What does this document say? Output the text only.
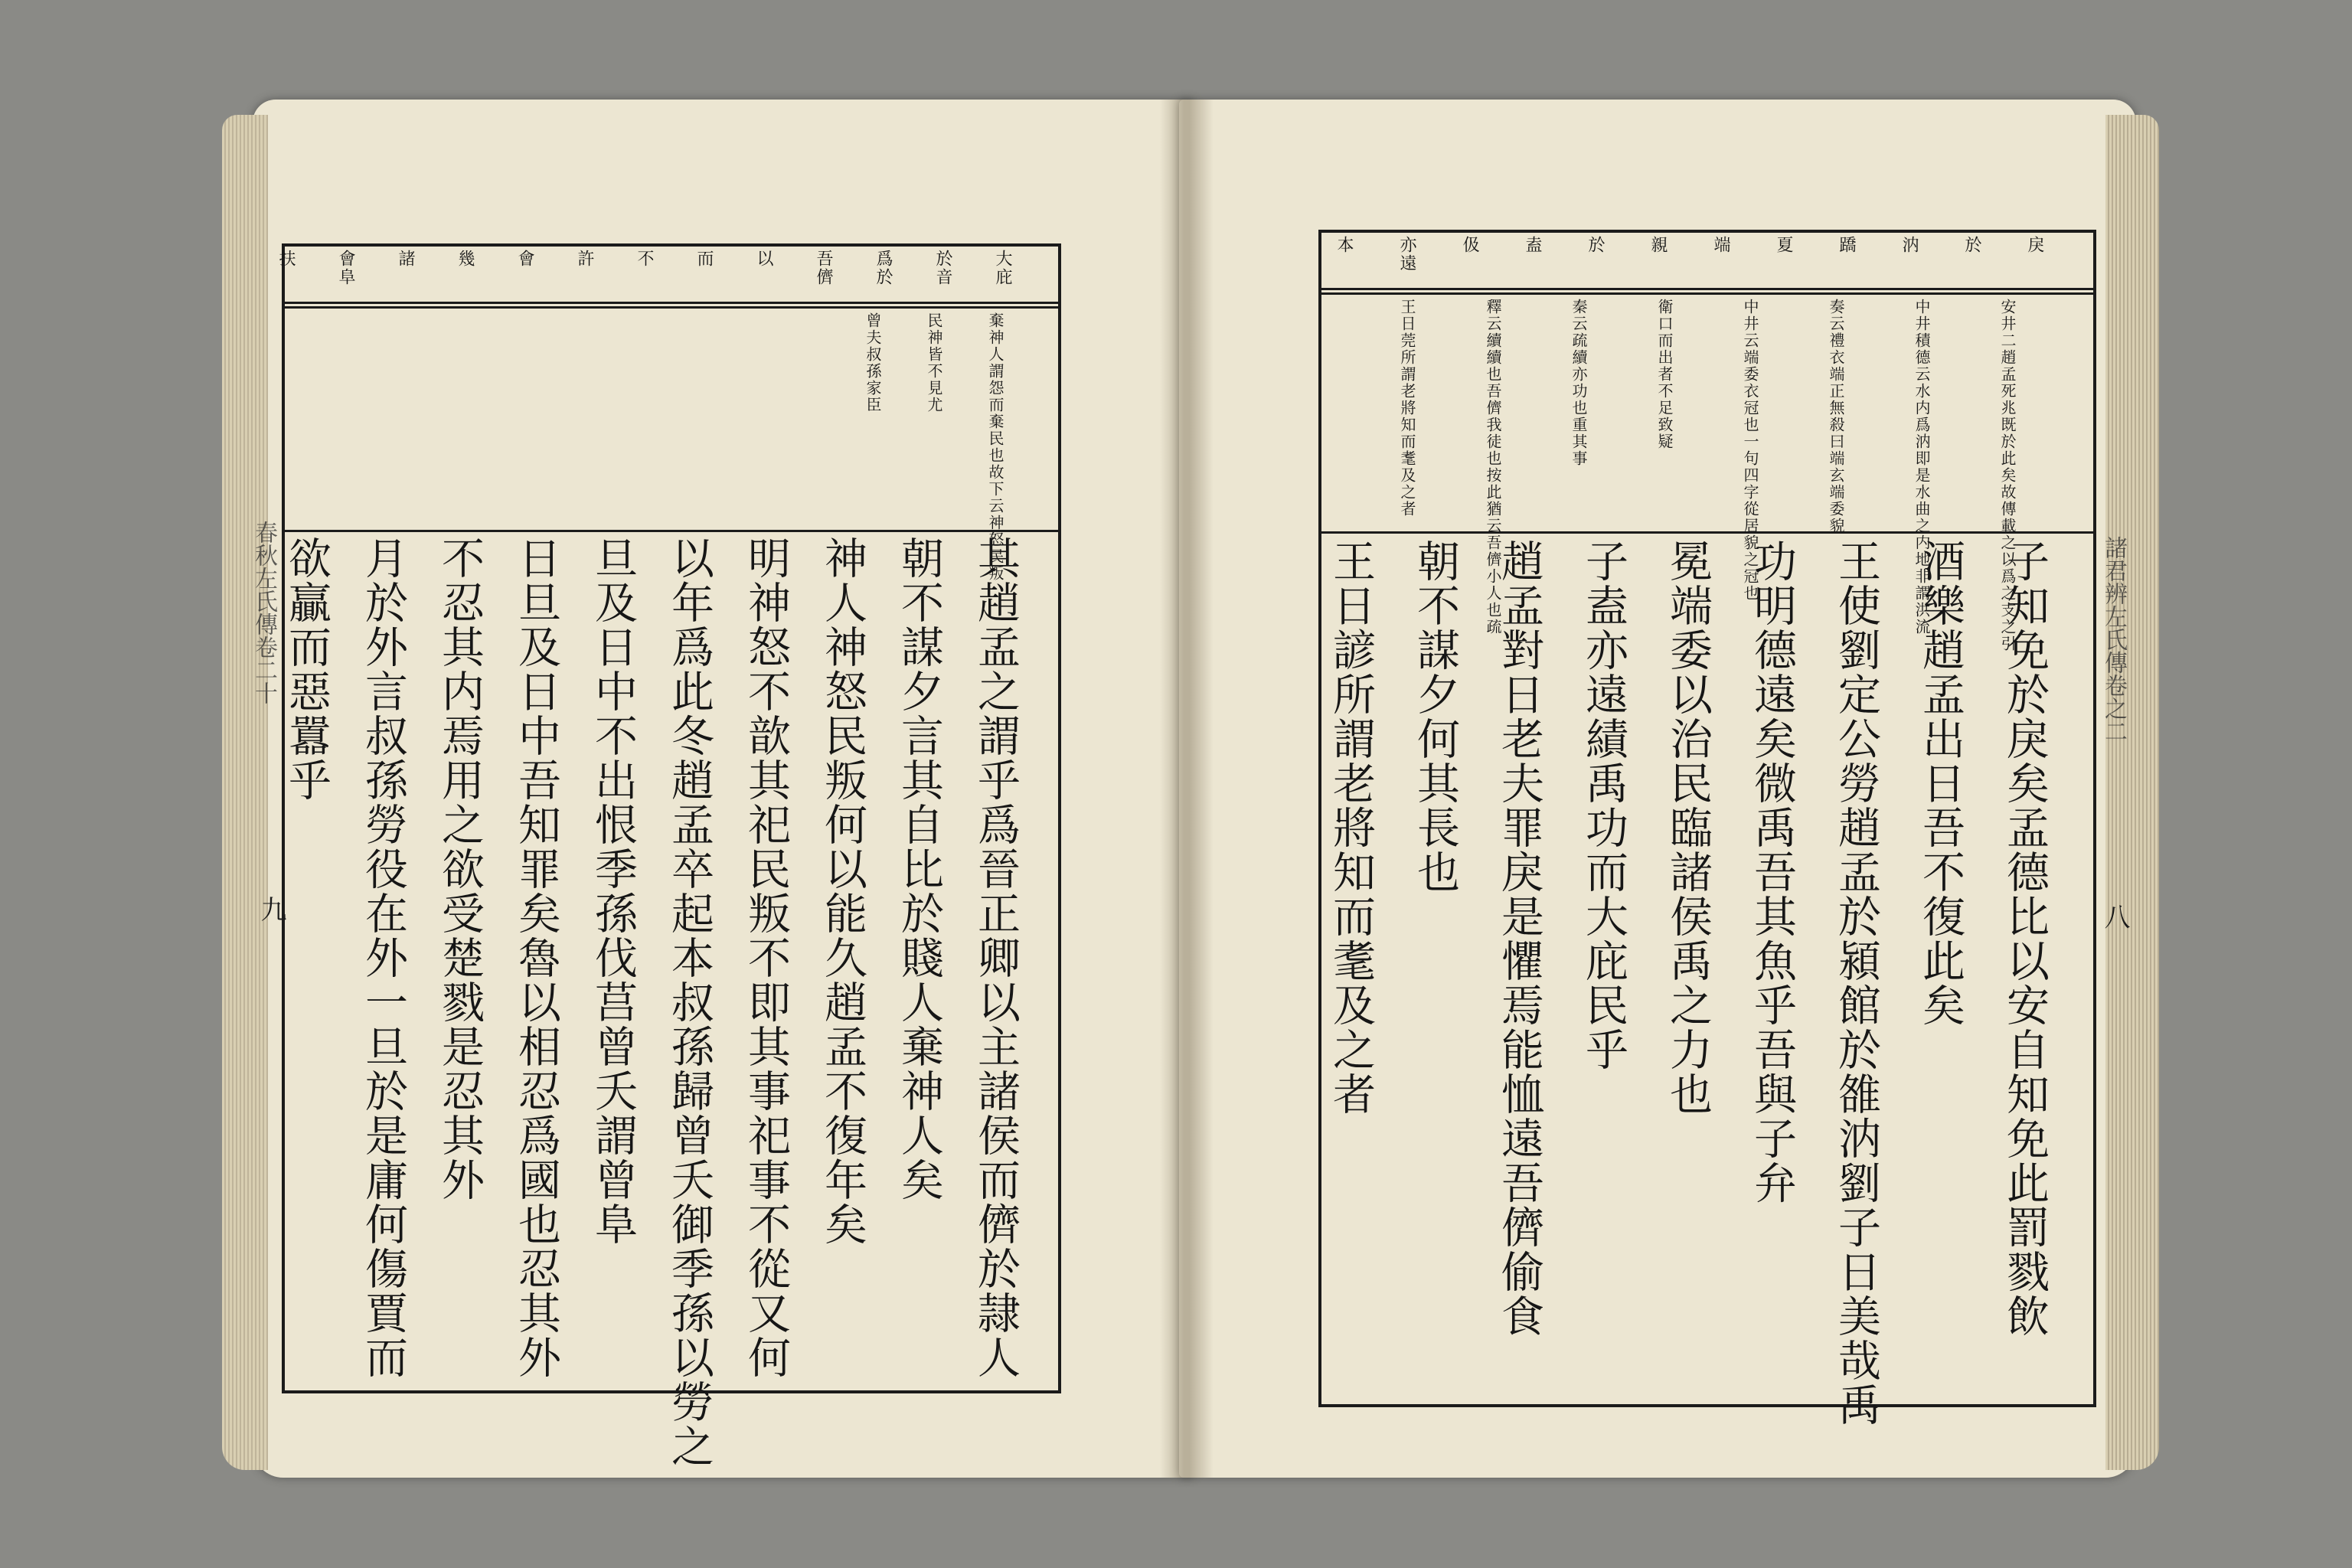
大庇
於音
爲於
吾儕
以
而
不
許
會
幾
諸
會阜
扶
棄神人謂怨而棄民也故下云神怒民叛
民神皆不見尤
曾夫叔孫家臣
其趙孟之謂乎爲晉正卿以主諸侯而儕於隷人
朝不謀夕言其自比於賤人棄神人矣
神人神怒民叛何以能久趙孟不復年矣
明神怒不歆其祀民叛不即其事祀事不從又何
以年爲此冬趙孟卒起本叔孫歸曾夭御季孫以勞之
旦及日中不出恨季孫伐莒曾夭謂曾阜
日旦及日中吾知罪矣魯以相忍爲國也忍其外
不忍其内焉用之欲受楚戮是忍其外
月於外言叔孫勞役在外一旦於是庸何傷賈而
欲贏而惡囂乎
春秋左氏傳卷二十
九
戾
於
汭
蹻
夏
端
親
於
盍
伋
亦遠
本
安井二趙孟死兆既於此矣故傳載之以爲之支之引
中井積德云水内爲汭即是水曲之内地非謂洪流
奏云禮衣端正無殺曰端玄端委貌
中井云端委衣冠也一句四字從居貌之冠也
衛口而出者不足致疑
秦云疏續亦功也重其事
釋云續續也吾儕我徒也按此猶云吾儕小人也疏
王日莞所謂老將知而耄及之者
子知免於戾矣孟德比以安自知免此罰戮飲
酒樂趙孟出日吾不復此矣
王使劉定公勞趙孟於潁館於雒汭劉子日美哉禹
功明德遠矣微禹吾其魚乎吾與子弁
冕端委以治民臨諸侯禹之力也
子盍亦遠績禹功而大庇民乎
趙孟對日老夫罪戾是懼焉能恤遠吾儕偷食
朝不謀夕何其長也
王日諺所謂老將知而耄及之者	諸君辨左氏傳卷之二
八
